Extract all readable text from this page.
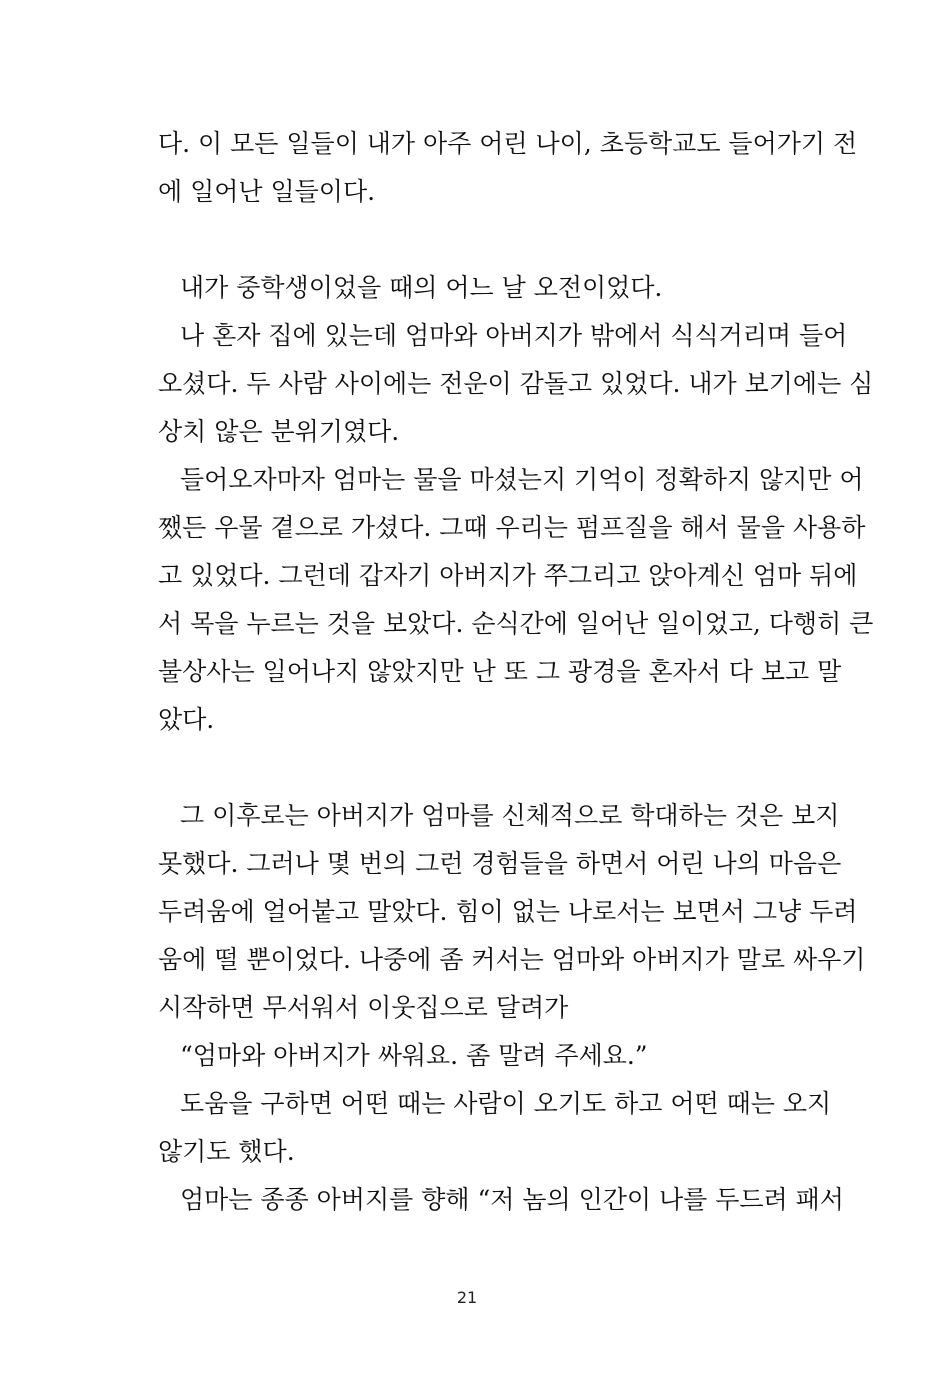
다. 이 모든 일들이 내가 아주 어린 나이, 초등학교도 들어가기 전
에 일어난 일들이다.
내가 중학생이었을 때의 어느 날 오전이었다.
나 혼자 집에 있는데 엄마와 아버지가 밖에서 식식거리며 들어
오셨다. 두 사람 사이에는 전운이 감돌고 있었다. 내가 보기에는 심
상치 않은 분위기였다.
들어오자마자 엄마는 물을 마셨는지 기억이 정확하지 않지만 어
쨌든 우물 곁으로 가셨다. 그때 우리는 펌프질을 해서 물을 사용하
고 있었다. 그런데 갑자기 아버지가 쭈그리고 앉아계신 엄마 뒤에
서 목을 누르는 것을 보았다. 순식간에 일어난 일이었고, 다행히 큰
불상사는 일어나지 않았지만 난 또 그 광경을 혼자서 다 보고 말
았다.
그 이후로는 아버지가 엄마를 신체적으로 학대하는 것은 보지
못했다. 그러나 몇 번의 그런 경험들을 하면서 어린 나의 마음은
두려움에 얼어붙고 말았다. 힘이 없는 나로서는 보면서 그냥 두려
움에 떨 뿐이었다. 나중에 좀 커서는 엄마와 아버지가 말로 싸우기
시작하면 무서워서 이웃집으로 달려가
“엄마와 아버지가 싸워요. 좀 말려 주세요.”
도움을 구하면 어떤 때는 사람이 오기도 하고 어떤 때는 오지
않기도 했다.
엄마는 종종 아버지를 향해 “저 놈의 인간이 나를 두드려 패서
21
